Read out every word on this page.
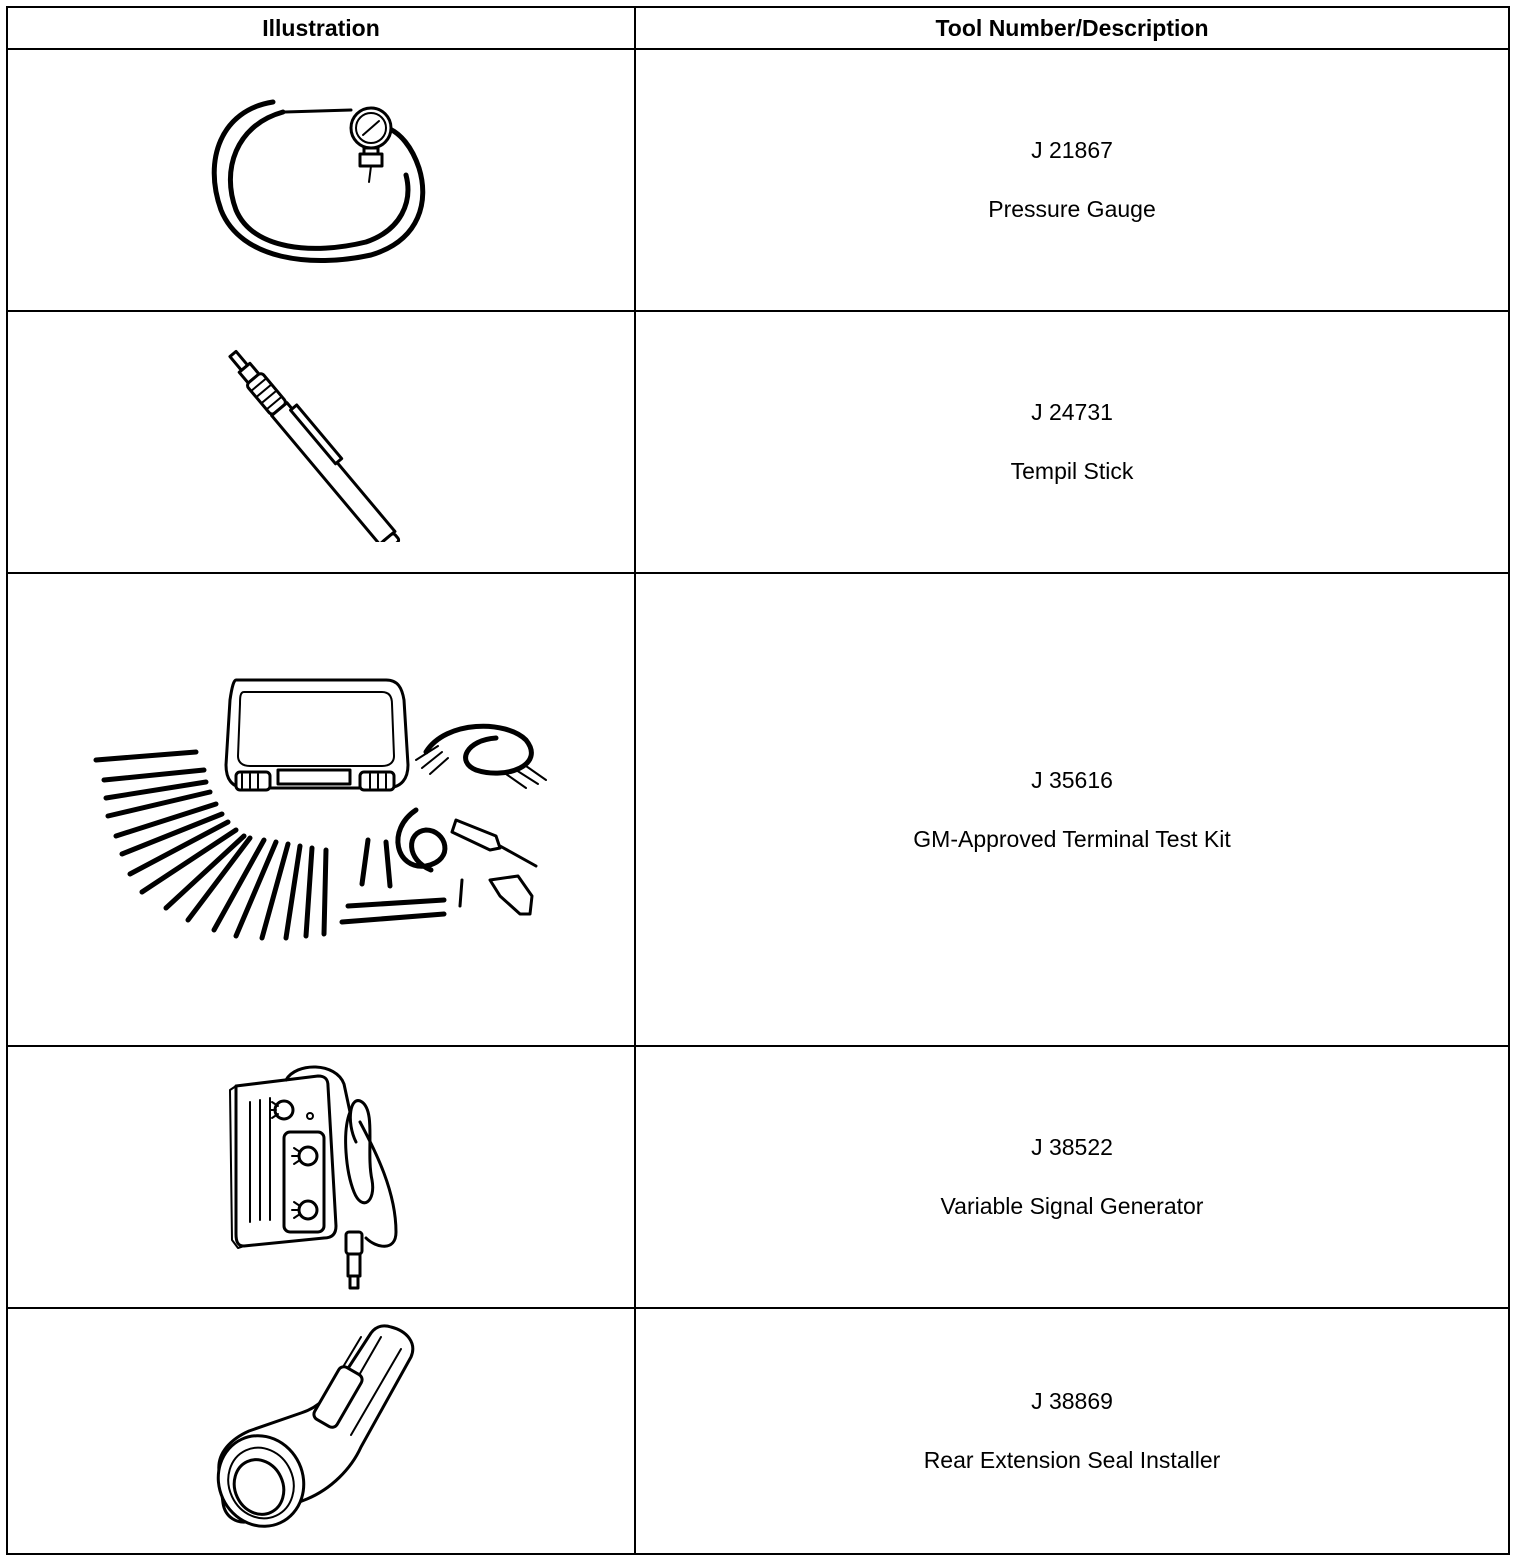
Illustration	Tool Number/Description

J 21867
Pressure Gauge

J 24731
Tempil Stick

J 35616
GM-Approved Terminal Test Kit

J 38522
Variable Signal Generator

J 38869
Rear Extension Seal Installer
